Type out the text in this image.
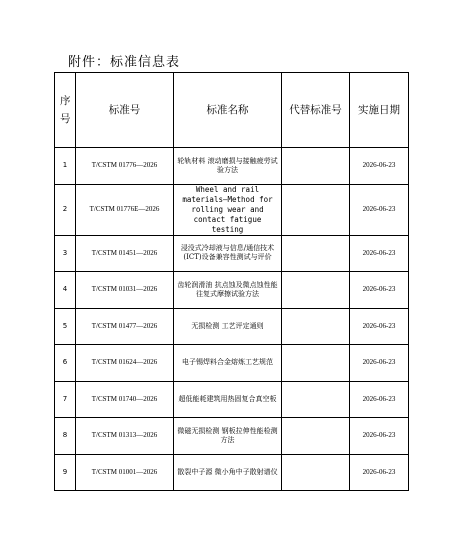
附件：标准信息表
序号	标准号	标准名称	代替标准号	实施日期
1	T/CSTM 01776—2026	轮轨材料 滚动磨损与接触疲劳试验方法		2026-06-23
2	T/CSTM 01776E—2026	Wheel and rail materials—Method for rolling wear and contact fatigue testing		2026-06-23
3	T/CSTM 01451—2026	浸没式冷却液与信息/通信技术(ICT)设备兼容性测试与评价		2026-06-23
4	T/CSTM 01031—2026	齿轮润滑油 抗点蚀及微点蚀性能 往复式摩擦试验方法		2026-06-23
5	T/CSTM 01477—2026	无损检测 工艺评定通则		2026-06-23
6	T/CSTM 01624—2026	电子锡焊料合金熔炼工艺规范		2026-06-23
7	T/CSTM 01740—2026	超低能耗建筑用热固复合真空板		2026-06-23
8	T/CSTM 01313—2026	微磁无损检测 钢板拉伸性能检测方法		2026-06-23
9	T/CSTM 01001—2026	散裂中子源 微小角中子散射谱仪		2026-06-23
